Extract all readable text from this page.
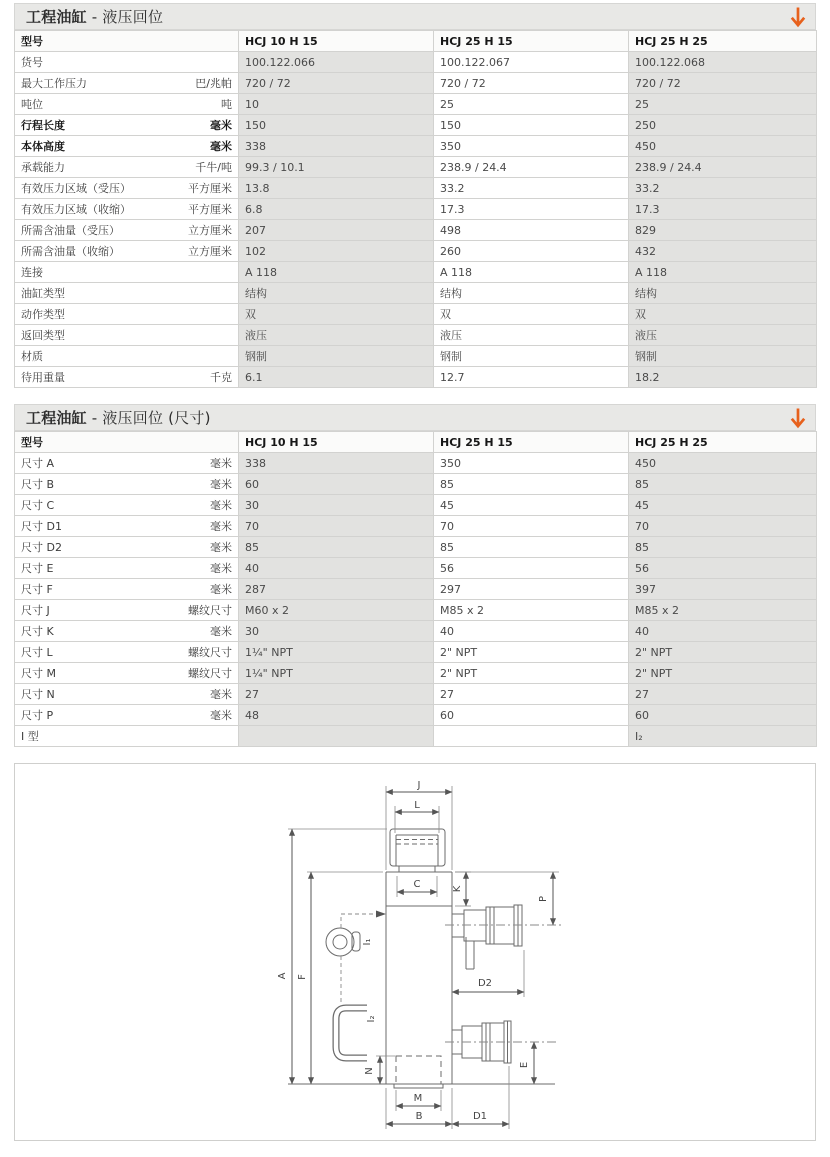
工程油缸 - 液压回位
型号	HCJ 10 H 15	HCJ 25 H 15	HCJ 25 H 25

货号	100.122.066	100.122.067	100.122.068

最大工作压力 巴/兆帕	720 / 72	720 / 72	720 / 72

吨位 吨	10	25	25

行程长度 毫米	150	150	250

本体高度 毫米	338	350	450

承载能力 千牛/吨	99.3 / 10.1	238.9 / 24.4	238.9 / 24.4

有效压力区域（受压） 平方厘米	13.8	33.2	33.2

有效压力区域（收缩） 平方厘米	6.8	17.3	17.3

所需含油量（受压） 立方厘米	207	498	829

所需含油量（收缩） 立方厘米	102	260	432

连接	A 118	A 118	A 118

油缸类型	结构	结构	结构

动作类型	双	双	双

返回类型	液压	液压	液压

材质	钢制	钢制	钢制

待用重量 千克	6.1	12.7	18.2
工程油缸 - 液压回位 (尺寸)
型号	HCJ 10 H 15	HCJ 25 H 15	HCJ 25 H 25

尺寸 A 毫米	338	350	450

尺寸 B 毫米	60	85	85

尺寸 C 毫米	30	45	45

尺寸 D1 毫米	70	70	70

尺寸 D2 毫米	85	85	85

尺寸 E 毫米	40	56	56

尺寸 F 毫米	287	297	397

尺寸 J 螺纹尺寸	M60 x 2	M85 x 2	M85 x 2

尺寸 K 毫米	30	40	40

尺寸 L 螺纹尺寸	1¼" NPT	2" NPT	2" NPT

尺寸 M 螺纹尺寸	1¼" NPT	2" NPT	2" NPT

尺寸 N 毫米	27	27	27

尺寸 P 毫米	48	60	60

I 型			I₂
J
L
C	K
P
A F
I₁
I₂
D2
E
N
M
B	D1
